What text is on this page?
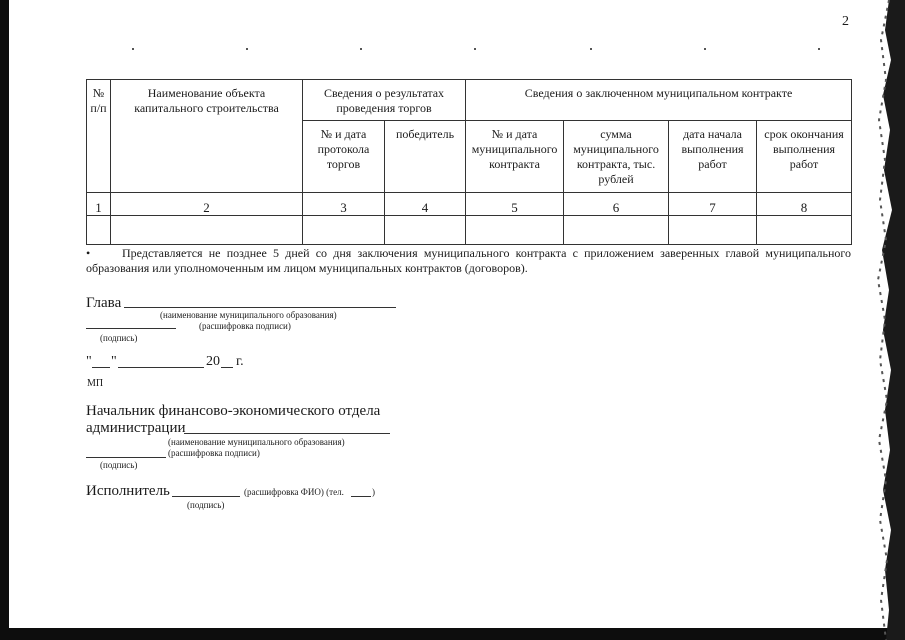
2
№ п/п	Наименование объекта капитального строительства	Сведения о результатах проведения торгов		Сведения о заключенном муниципальном контракте			
		№ и дата протокола торгов	победитель	№ и дата муниципального контракта	сумма муниципального контракта, тыс. рублей	дата начала выполнения работ	срок окончания выполнения работ
1	2	3	4	5	6	7	8

•	Представляется не позднее 5 дней со дня заключения муниципального контракта с приложением заверенных главой муниципального образования или уполномоченным им лицом муниципальных контрактов (договоров).
Глава
(наименование муниципального образования)
(расшифровка подписи)
(подпись)
" "	20 г.
МП
Начальник финансово-экономического отдела
администрации
(наименование муниципального образования)
(расшифровка подписи)
(подпись)
Исполнитель	(расшифровка ФИО) (тел.	)
(подпись)
